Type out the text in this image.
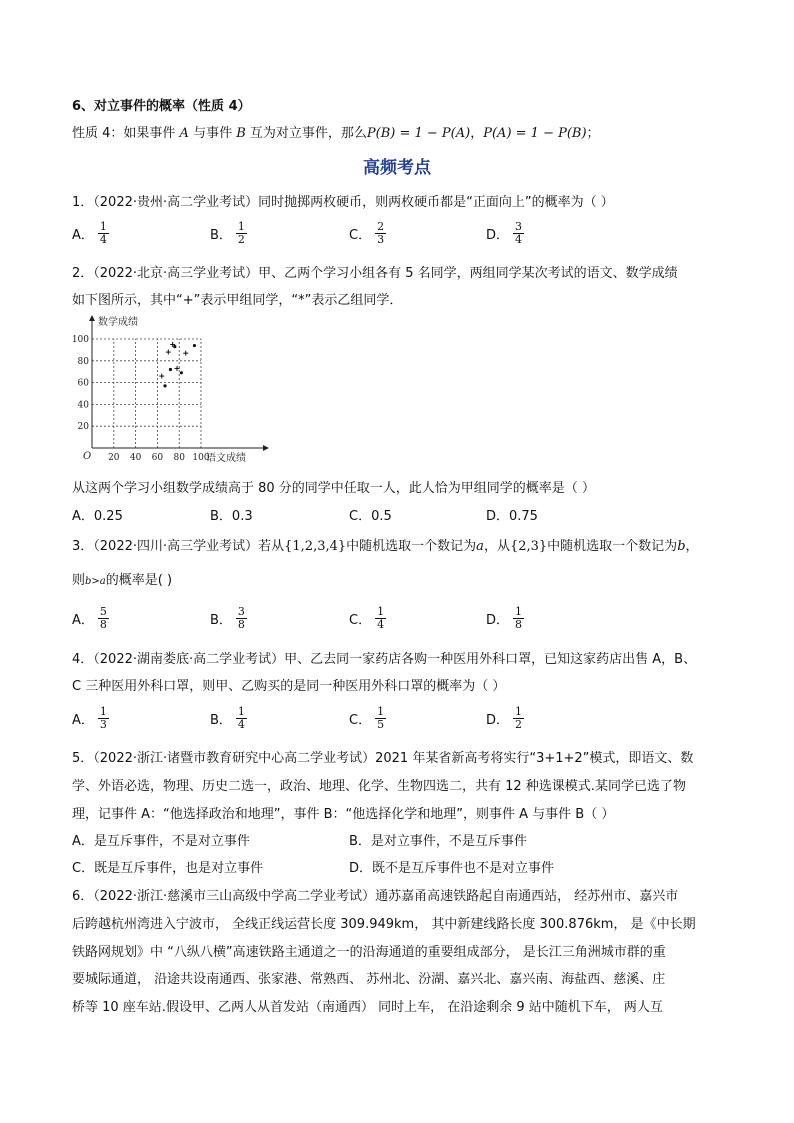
6、对立事件的概率（性质 4）
性质 4：如果事件 A 与事件 B 互为对立事件，那么P(B) = 1 − P(A)，P(A) = 1 − P(B)；
高频考点
1．（2022·贵州·高二学业考试）同时抛掷两枚硬币，则两枚硬币都是“正面向上”的概率为（ ）
A． $\frac{1}{4}$	B． $\frac{1}{2}$	C． $\frac{2}{3}$	D． $\frac{3}{4}$
2．（2022·北京·高三学业考试）甲、乙两个学习小组各有 5 名同学，两组同学某次考试的语文、数学成绩
如下图所示，其中“+”表示甲组同学，“*”表示乙组同学．
数学成绩
语文成绩
O 20 40 60 80 100
20
40
60
80
100
从这两个学习小组数学成绩高于 80 分的同学中任取一人，此人恰为甲组同学的概率是（ ）
A．0.25	B．0.3	C．0.5	D．0.75
3．（2022·四川·高三学业考试）若从{1,2,3,4}中随机选取一个数记为a，从{2,3}中随机选取一个数记为b，
则b>a的概率是( )
A． $\frac{5}{8}$	B． $\frac{3}{8}$	C． $\frac{1}{4}$	D． $\frac{1}{8}$
4．（2022·湖南娄底·高二学业考试）甲、乙去同一家药店各购一种医用外科口罩，已知这家药店出售 A，B、
C 三种医用外科口罩，则甲、乙购买的是同一种医用外科口罩的概率为（ ）
A． $\frac{1}{3}$	B． $\frac{1}{4}$	C． $\frac{1}{5}$	D． $\frac{1}{2}$
5．（2022·浙江·诸暨市教育研究中心高二学业考试）2021 年某省新高考将实行“3+1+2”模式，即语文、数
学、外语必选，物理、历史二选一，政治、地理、化学、生物四选二，共有 12 种选课模式.某同学已选了物
理，记事件 A：“他选择政治和地理”，事件 B：“他选择化学和地理”，则事件 A 与事件 B（ ）
A．是互斥事件，不是对立事件	B．是对立事件，不是互斥事件
C．既是互斥事件，也是对立事件	D．既不是互斥事件也不是对立事件
6．（2022·浙江·慈溪市三山高级中学高二学业考试）通苏嘉甬高速铁路起自南通西站， 经苏州市、嘉兴市
后跨越杭州湾进入宁波市， 全线正线运营长度 309.949km， 其中新建线路长度 300.876km， 是《中长期
铁路网规划》中 “八纵八横”高速铁路主通道之一的沿海通道的重要组成部分， 是长江三角洲城市群的重
要城际通道， 沿途共设南通西、张家港、常熟西、 苏州北、汾湖、嘉兴北、嘉兴南、海盐西、慈溪、庄
桥等 10 座车站.假设甲、乙两人从首发站（南通西） 同时上车， 在沿途剩余 9 站中随机下车， 两人互
